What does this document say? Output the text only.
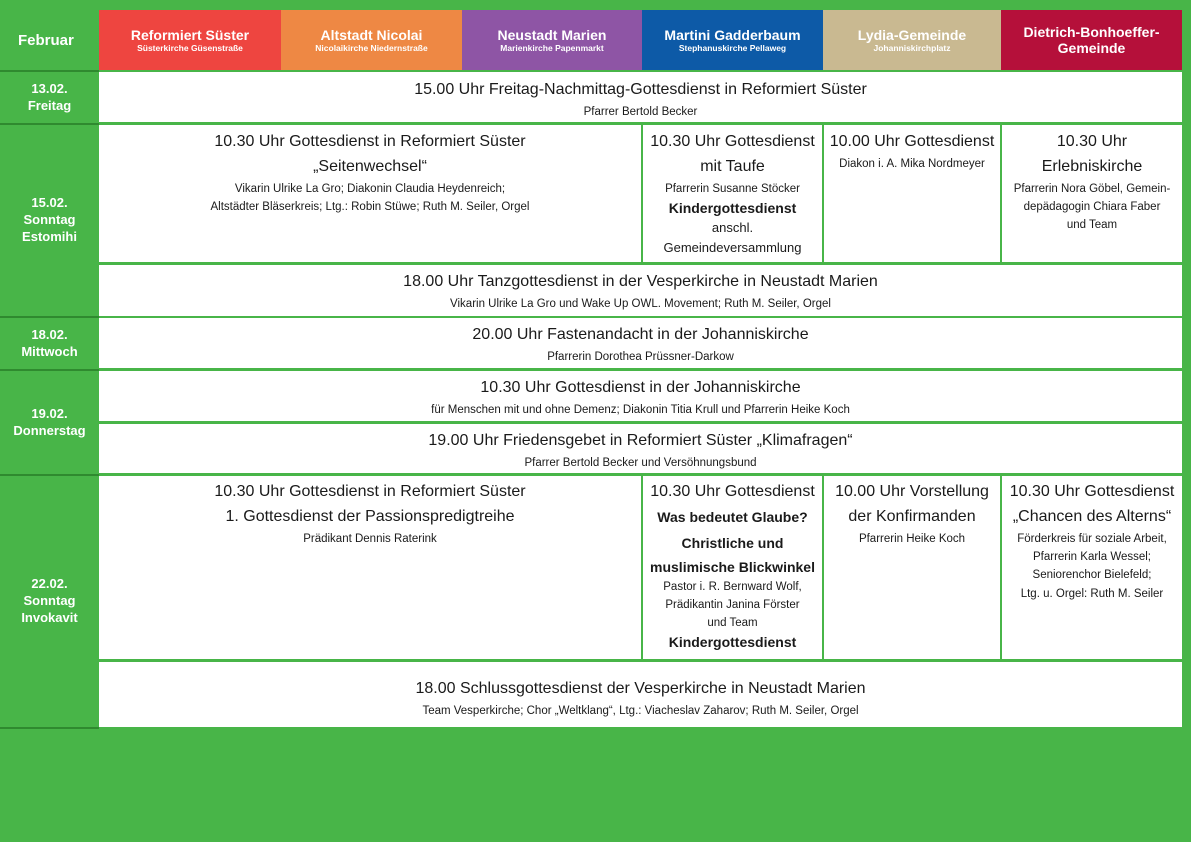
Februar	Reformiert Süster
Süsterkirche Güsenstraße
Altstadt Nicolai
Nicolaikirche Niedernstraße
Neustadt Marien
Marienkirche Papenmarkt
Martini Gadderbaum
Stephanuskirche Pellaweg
Lydia-Gemeinde
Johanniskirchplatz
Dietrich-Bonhoeffer-Gemeinde
13.02.
Freitag
15.02.
Sonntag
Estomihi
18.02.
Mittwoch
19.02.
Donnerstag
22.02.
Sonntag
Invokavit
15.00 Uhr Freitag-Nachmittag-Gottesdienst in Reformiert Süster
Pfarrer Bertold Becker
10.30 Uhr Gottesdienst in Reformiert Süster
„Seitenwechsel“
Vikarin Ulrike La Gro; Diakonin Claudia Heydenreich;
Altstädter Bläserkreis; Ltg.: Robin Stüwe; Ruth M. Seiler, Orgel
10.30 Uhr Gottesdienst
mit Taufe
Pfarrerin Susanne Stöcker
Kindergottesdienst
anschl.
Gemeindeversammlung
10.00 Uhr Gottesdienst
Diakon i. A. Mika Nordmeyer
10.30 Uhr
Erlebniskirche
Pfarrerin Nora Göbel, Gemein-
depädagogin Chiara Faber
und Team
18.00 Uhr Tanzgottesdienst in der Vesperkirche in Neustadt Marien
Vikarin Ulrike La Gro und Wake Up OWL. Movement; Ruth M. Seiler, Orgel
20.00 Uhr Fastenandacht in der Johanniskirche
Pfarrerin Dorothea Prüssner-Darkow
10.30 Uhr Gottesdienst in der Johanniskirche
für Menschen mit und ohne Demenz; Diakonin Titia Krull und Pfarrerin Heike Koch
19.00 Uhr Friedensgebet in Reformiert Süster „Klimafragen“
Pfarrer Bertold Becker und Versöhnungsbund
10.30 Uhr Gottesdienst in Reformiert Süster
1. Gottesdienst der Passionspredigtreihe
Prädikant Dennis Raterink
10.30 Uhr Gottesdienst
Was bedeutet Glaube?
Christliche und
muslimische Blickwinkel
Pastor i. R. Bernward Wolf,
Prädikantin Janina Förster
und Team
Kindergottesdienst
10.00 Uhr Vorstellung
der Konfirmanden
Pfarrerin Heike Koch
10.30 Uhr Gottesdienst
„Chancen des Alterns“
Förderkreis für soziale Arbeit,
Pfarrerin Karla Wessel;
Seniorenchor Bielefeld;
Ltg. u. Orgel: Ruth M. Seiler
18.00 Schlussgottesdienst der Vesperkirche in Neustadt Marien
Team Vesperkirche; Chor „Weltklang“, Ltg.: Viacheslav Zaharov; Ruth M. Seiler, Orgel
